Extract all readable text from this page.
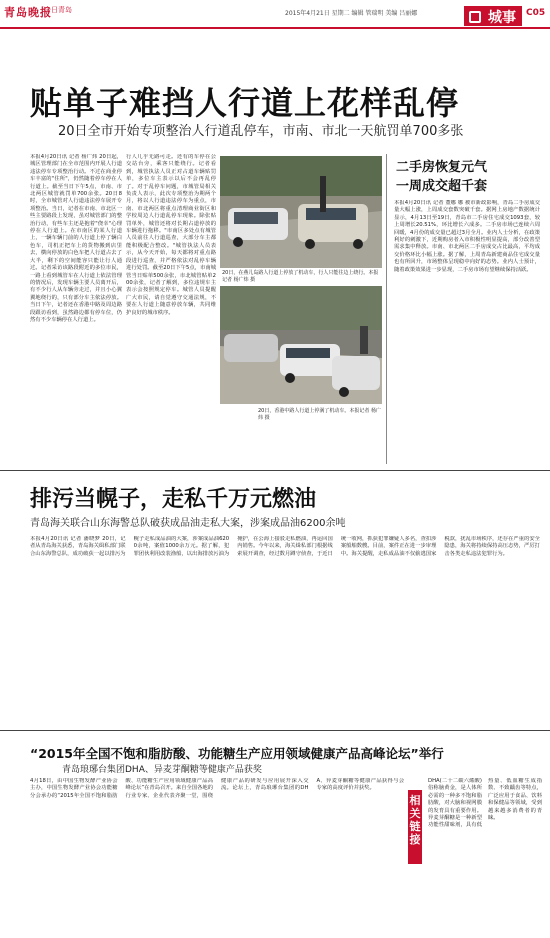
青岛晚报
今日青岛	2015年4月21日 星期二 编辑 管瑞明 美编 吕丽娜	城事 C05
贴单子难挡人行道上花样乱停
20日全市开始专项整治人行道乱停车，市南、市北一天航罚单700多张
本报4月20日讯 记者 杨广炜 20日起，城区管理部门在全市范围内开展人行道违法停车专项整治行动。不过在商业停车丰富的"住所"，仍然随着停车停在人行道上。截至当日下午5点，市南、市北两区城管就罚单700余张。20日8时，全市城管对人行道违法停车展开专项整治。当日，记者在市南、市北区一些主要路段上发现，虽对城管部门的整治行动，有些车主还是抱着"侥幸"心理停在人行道上。在市南区的某人行道上，一辆车辆门前的人行道上停了辆白色车，司机正把车上的货物搬到店里去，横向停放的白色车把人行道占去了大半，剩下的空间能容只能让行人通过。记者采访该路段附近的多位市民，一路上看到城管车在人行道上依法管理的情况后，发现车辆主要人员离开后，有不少行人从车辆旁走过，并且小心翼翼地绕行的，只有部分车主依法停放。当日下午，记者还在香港中路及周边路段跟访看到，虽然路边都有停车位，仍然有不少车辆停在人行道上。
行人几乎无路可走。还有的车停在公交站台旁，乘客只能绕行。记者看到，城管执法人员正对占道车辆贴罚单，多位车主表示以后不会再乱停了。对于乱停车问题，市城管局相关负责人表示，此次专项整治为期两个月，将以人行道违法停车为重点，市南、市北两区将重点清理商业街区和学校周边人行道乱停车现象。除张贴罚单外，城管还将对长期占道停放的车辆进行拖移。"市南区多处点有城管人员前往人行道巡查，大部分车主都能积极配合整改。"城管执法人员表示，从今天开始，每天都将对重点路段进行巡查，并严格依法对乱停车辆进行处罚。截至20日下午5点，市南城管当日贴单500余张，市北城管贴单200余张，记者了解到，多位违规车主表示会按照规定停车。城管人员提醒广大市民，请自觉遵守交通法规，不要在人行道上随意停放车辆，共同维护良好的城市秩序。
20日，在燕儿岛路人行道上停放了机动车，行人只能往边上绕行。本报记者 杨广炜 摄
20日，香港中路人行道上停满了机动车。本报记者 杨广炜 摄
二手房恢复元气
一周成交超千套
本报4月20日讯 记者 董娜 娜 被市新政影响，青岛二手房成交量大幅上涨，上周成交套数突破千套。据网上房地产数据统计显示，4月13日至19日，青岛市二手房住宅成交1093套，较上周增长20.51%，环比增长六成多。二手房市场已连续六周回暖，4月份的成交量已超过3月全月。业内人士分析，在政策利好的刺激下，近期购房者入市积极性明显提高，部分改善型需求集中释放。市南、市北两区二手房成交占比最高，平均成交价格环比小幅上涨。据了解，上周青岛新建商品住宅成交量也有所回升，市场整体呈现稳中向好的态势。业内人士预计，随着政策效果进一步显现，二手房市场有望继续保持活跃。
排污当幌子，走私千万元燃油
青岛海关联合山东海警总队破获成品油走私大案，涉案成品油6200余吨
本报4月20日讯 记者 潘晓梦 20日，记者从青岛海关获悉，青岛海关缉私部门联合山东海警总队，成功破获一起以排污为幌子走私成品油的大案，涉案成品油6200余吨，案值1000余万元。据了解，犯罪团伙利用改装渔船，以出海排放污油为掩护，在公海上接驳走私燃油，再运回国内销售。今年以来，海关缉私部门根据线索展开调查，经过数月蹲守侦查，于近日统一收网，抓获犯罪嫌疑人多名，查扣涉案船舶数艘。目前，案件正在进一步审理中。海关提醒，走私成品油不仅偷逃国家税款，扰乱市场秩序，还存在严重的安全隐患，海关将持续保持高压态势，严厉打击各类走私违法犯罪行为。
“2015年全国不饱和脂肪酸、功能糖生产应用领域健康产品高峰论坛”举行
青岛琅琊台集团DHA、异麦芽酮糖等健康产品获奖
4月18日，由中国生物发酵产业协会主办，中国生物发酵产业协会功能糖分会承办的“2015年全国不饱和脂肪酸、功能糖生产应用领域健康产品高峰论坛”在青岛召开。来自全国各地的行业专家、企业代表齐聚一堂，围绕健康产品的研发与应用展开深入交流。论坛上，青岛琅琊台集团的DHA、异麦芽酮糖等健康产品获得与会专家的高度评价并获奖。
相关链接
DHA(二十二碳六烯酸)俗称脑黄金，是人体所必需的一种多不饱和脂肪酸，对大脑和视网膜的发育具有重要作用。异麦芽酮糖是一种新型功能性甜味剂，具有低热量、低血糖生成指数、不致龋齿等特点，广泛应用于食品、饮料和保健品等领域，受到越来越多消费者的青睐。
